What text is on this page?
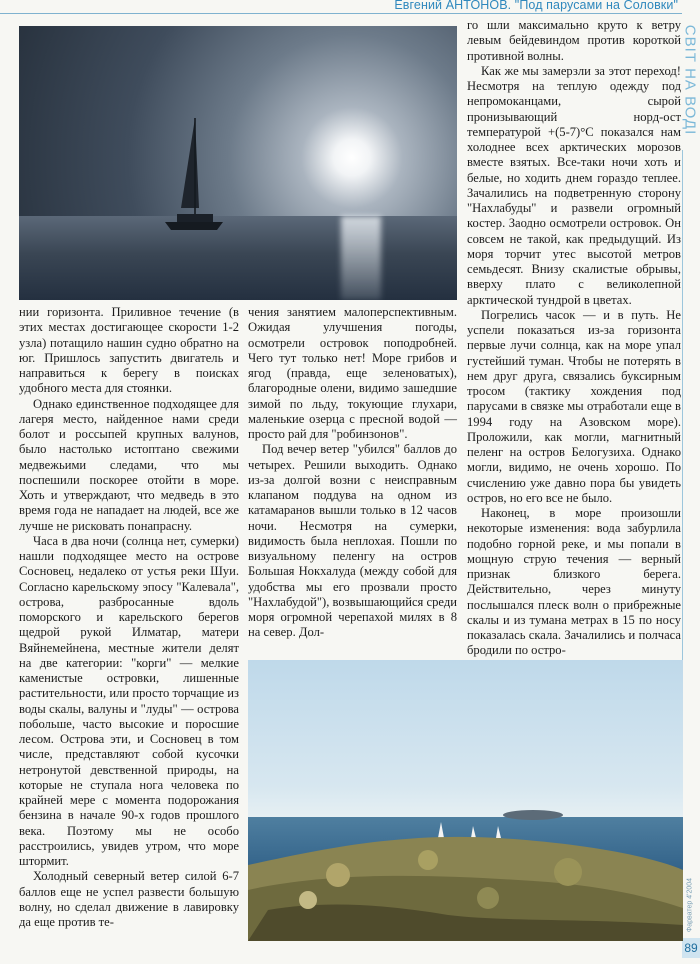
Евгений АНТОНОВ. "Под парусами на Соловки"
СВIТ НА ВОДI
Фарватер 4'2004
89

нии горизонта. Приливное течение (в этих местах достигающее скорости 1-2 узла) потащило нашин судно обратно на юг. Пришлось запустить двигатель и направиться к берегу в поисках удобного места для стоянки.

Однако единственное подходящее для лагеря место, найденное нами среди болот и россыпей крупных валунов, было настолько истоптано свежими медвежьими следами, что мы поспешили поскорее отойти в море. Хоть и утверждают, что медведь в это время года не нападает на людей, все же лучше не рисковать понапрасну.

Часа в два ночи (солнца нет, сумерки) нашли подходящее место на острове Сосновец, недалеко от устья реки Шуи. Согласно карельскому эпосу "Калевала", острова, разбросанные вдоль поморского и карельского берегов щедрой рукой Илматар, матери Вяйнемейнена, местные жители делят на две категории: "корги" — мелкие каменистые островки, лишенные растительности, или просто торчащие из воды скалы, валуны и "луды" — острова побольше, часто высокие и поросшие лесом. Острова эти, и Сосновец в том числе, представляют собой кусочки нетронутой девственной природы, на которые не ступала нога человека по крайней мере с момента подорожания бензина в начале 90-х годов прошлого века. Поэтому мы не особо расстроились, увидев утром, что море штормит.

Холодный северный ветер силой 6-7 баллов еще не успел развести большую волну, но сделал движение в лавировку да еще против те-

чения занятием малоперспективным. Ожидая улучшения погоды, осмотрели островок поподробней. Чего тут только нет! Море грибов и ягод (правда, еще зеленоватых), благородные олени, видимо зашедшие зимой по льду, токующие глухари, маленькие озерца с пресной водой — просто рай для "робинзонов".

Под вечер ветер "убился" баллов до четырех. Решили выходить. Однако из-за долгой возни с неисправным клапаном поддува на одном из катамаранов вышли только в 12 часов ночи. Несмотря на сумерки, видимость была неплохая. Пошли по визуальному пеленгу на остров Большая Нокхалуда (между собой для удобства мы его прозвали просто "Нахлабудой"), возвышающийся среди моря огромной черепахой милях в 8 на север. Дол-

го шли максимально круто к ветру левым бейдевиндом против короткой противной волны.

Как же мы замерзли за этот переход! Несмотря на теплую одежду под непромоканцами, сырой пронизывающий норд-ост температурой +(5-7)°С показался нам холоднее всех арктических морозов вместе взятых. Все-таки ночи хоть и белые, но ходить днем гораздо теплее. Зачалились на подветренную сторону "Нахлабуды" и развели огромный костер. Заодно осмотрели островок. Он совсем не такой, как предыдущий. Из моря торчит утес высотой метров семьдесят. Внизу скалистые обрывы, вверху плато с великолепной арктической тундрой в цветах.

Погрелись часок — и в путь. Не успели показаться из-за горизонта первые лучи солнца, как на море упал густейший туман. Чтобы не потерять в нем друг друга, связались буксирным тросом (тактику хождения под парусами в связке мы отработали еще в 1994 году на Азовском море). Проложили, как могли, магнитный пеленг на остров Белогузиха. Однако могли, видимо, не очень хорошо. По счислению уже давно пора бы увидеть остров, но его все не было.

Наконец, в море произошли некоторые изменения: вода забурлила подобно горной реке, и мы попали в мощную струю течения — верный признак близкого берега. Действительно, через минуту послышался плеск волн о прибрежные скалы и из тумана метрах в 15 по носу показалась скала. Зачалились и полчаса бродили по остро-
